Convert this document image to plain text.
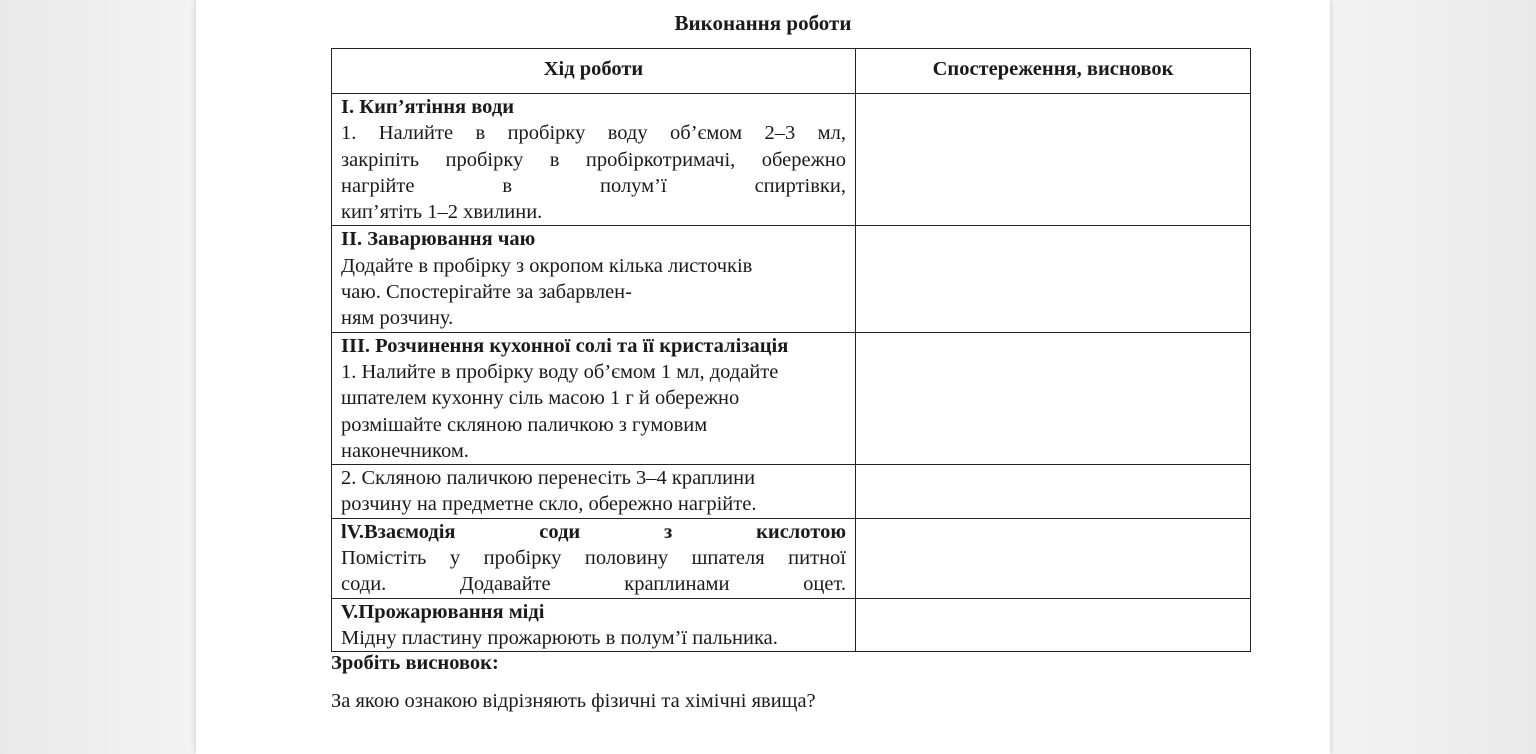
Виконання роботи
Хід роботи	Спостереження, висновок

І. Кип’ятіння води
1. Налийте в пробірку воду об’ємом 2–3 мл,
закріпіть пробірку в пробіркотримачі, обережно
нагрійте в полум’ї спиртівки,
кип’ятіть 1–2 хвилини.	

ІІ. Заварювання чаю
Додайте в пробірку з окропом кілька листочків
чаю. Спостерігайте за забарвлен-
ням розчину.	

ІІІ. Розчинення кухонної солі та її кристалізація
1. Налийте в пробірку воду об’ємом 1 мл, додайте
шпателем кухонну сіль масою 1 г й обережно
розмішайте скляною паличкою з гумовим
наконечником.	

2. Скляною паличкою перенесіть 3–4 краплини
розчину на предметне скло, обережно нагрійте.	

lV.Взаємодія соди з кислотою
Помістіть у пробірку половину шпателя питної
соди. Додавайте краплинами оцет.	

V.Прожарювання міді
Мідну пластину прожарюють в полум’ї пальника.	

Зробіть висновок:
За якою ознакою відрізняють фізичні та хімічні явища?
